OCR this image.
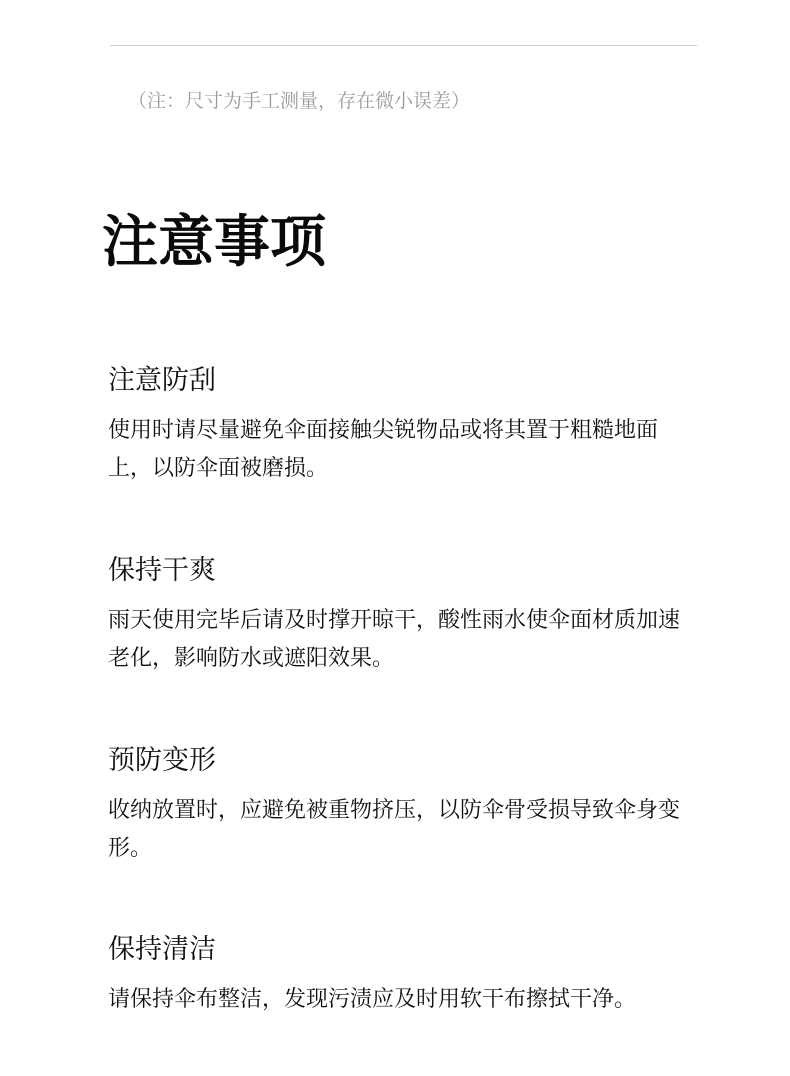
（注：尺寸为手工测量，存在微小误差）
注意事项
注意防刮

使用时请尽量避免伞面接触尖锐物品或将其置于粗糙地面上，以防伞面被磨损。

保持干爽

雨天使用完毕后请及时撑开晾干，酸性雨水使伞面材质加速老化，影响防水或遮阳效果。

预防变形

收纳放置时，应避免被重物挤压，以防伞骨受损导致伞身变形。

保持清洁

请保持伞布整洁，发现污渍应及时用软干布擦拭干净。
